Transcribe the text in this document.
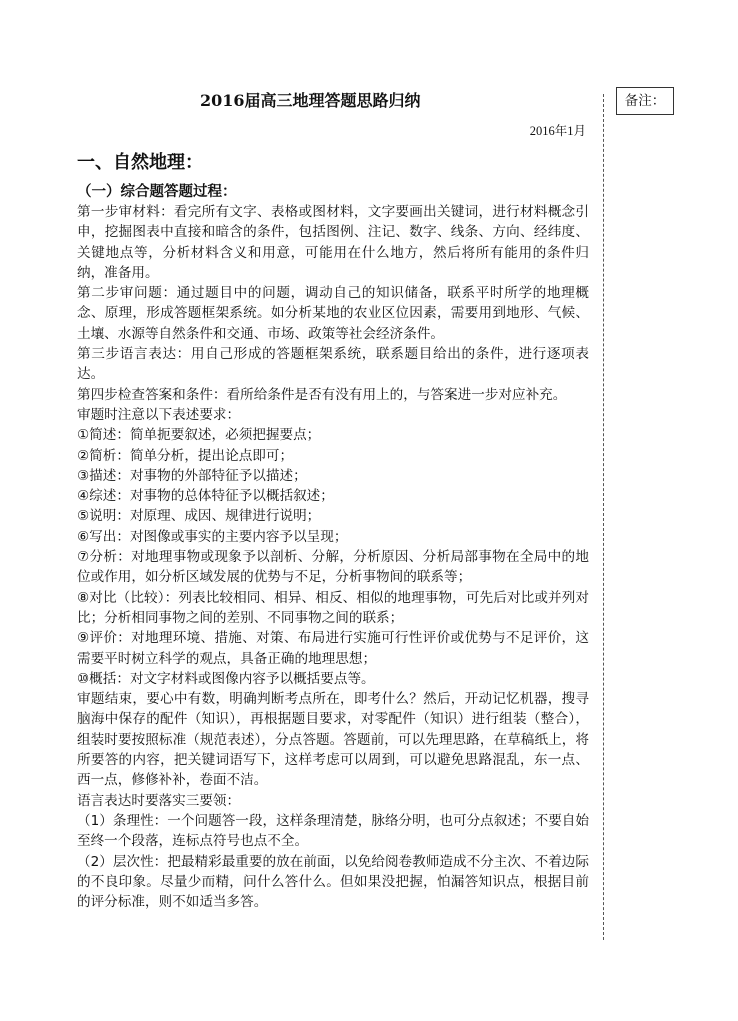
2016届高三地理答题思路归纳
2016年1月
一、自然地理：
（一）综合题答题过程：

第一步审材料：看完所有文字、表格或图材料，文字要画出关键词，进行材料概念引申，挖掘图表中直接和暗含的条件，包括图例、注记、数字、线条、方向、经纬度、关键地点等，分析材料含义和用意，可能用在什么地方，然后将所有能用的条件归纳，准备用。

第二步审问题：通过题目中的问题，调动自己的知识储备，联系平时所学的地理概念、原理，形成答题框架系统。如分析某地的农业区位因素，需要用到地形、气候、土壤、水源等自然条件和交通、市场、政策等社会经济条件。

第三步语言表达：用自己形成的答题框架系统，联系题目给出的条件，进行逐项表达。

第四步检查答案和条件：看所给条件是否有没有用上的，与答案进一步对应补充。

审题时注意以下表述要求：

①简述：简单扼要叙述，必须把握要点；

②简析：简单分析，提出论点即可；

③描述：对事物的外部特征予以描述；

④综述：对事物的总体特征予以概括叙述；

⑤说明：对原理、成因、规律进行说明；

⑥写出：对图像或事实的主要内容予以呈现；

⑦分析：对地理事物或现象予以剖析、分解，分析原因、分析局部事物在全局中的地位或作用，如分析区域发展的优势与不足，分析事物间的联系等；

⑧对比（比较）：列表比较相同、相异、相反、相似的地理事物，可先后对比或并列对比；分析相同事物之间的差别、不同事物之间的联系；

⑨评价：对地理环境、措施、对策、布局进行实施可行性评价或优势与不足评价，这需要平时树立科学的观点，具备正确的地理思想；

⑩概括：对文字材料或图像内容予以概括要点等。

审题结束，要心中有数，明确判断考点所在，即考什么？然后，开动记忆机器，搜寻脑海中保存的配件（知识），再根据题目要求，对零配件（知识）进行组装（整合），组装时要按照标准（规范表述），分点答题。答题前，可以先理思路，在草稿纸上，将所要答的内容，把关键词语写下，这样考虑可以周到，可以避免思路混乱，东一点、西一点，修修补补，卷面不洁。

语言表达时要落实三要领：

（1）条理性：一个问题答一段，这样条理清楚，脉络分明，也可分点叙述；不要自始至终一个段落，连标点符号也点不全。

（2）层次性：把最精彩最重要的放在前面，以免给阅卷教师造成不分主次、不着边际的不良印象。尽量少而精，问什么答什么。但如果没把握，怕漏答知识点，根据目前的评分标准，则不如适当多答。

备注：
